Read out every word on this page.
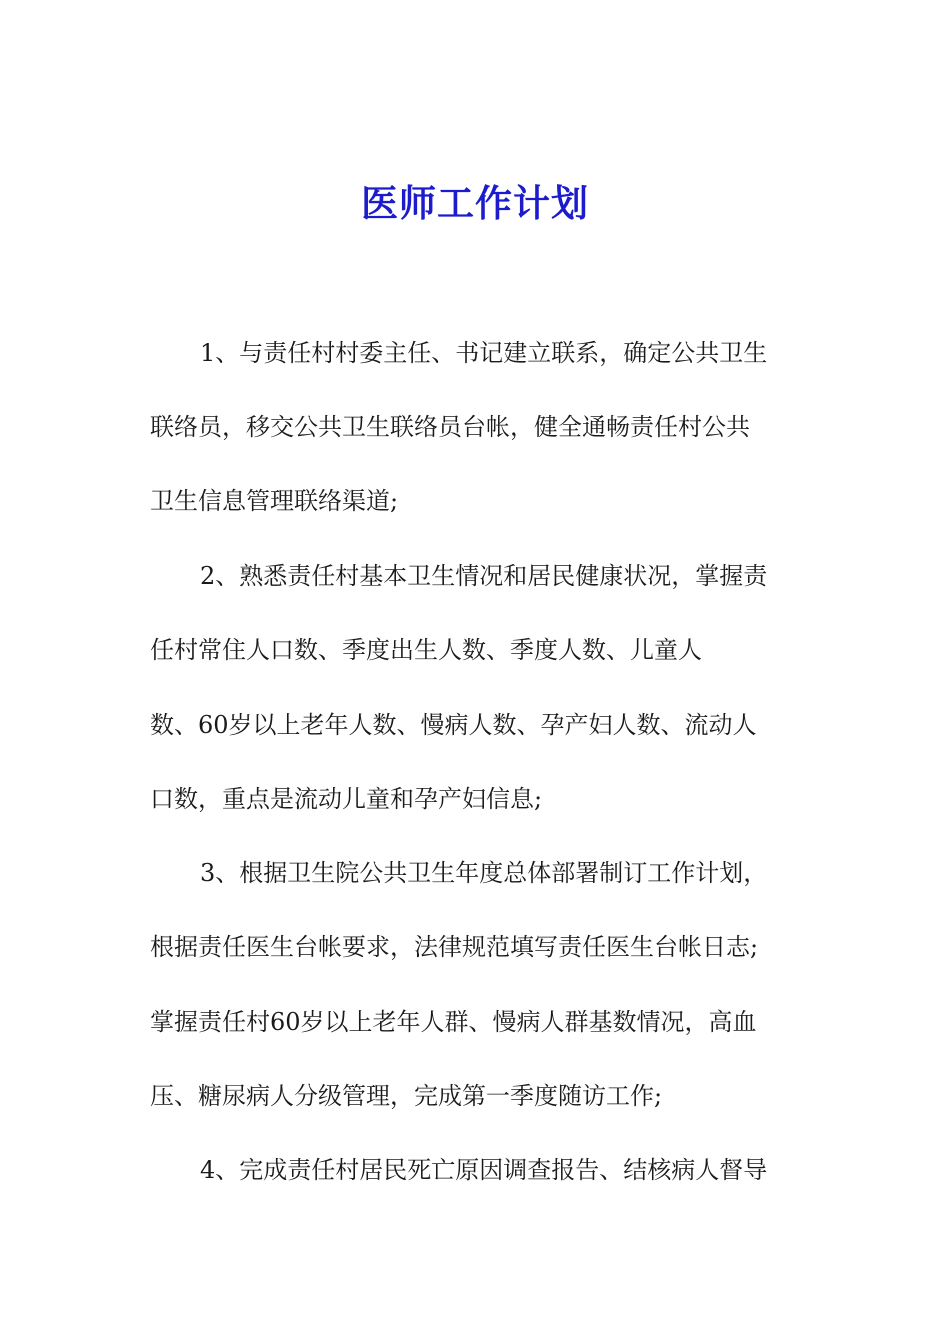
医师工作计划
1、与责任村村委主任、书记建立联系，确定公共卫生
联络员，移交公共卫生联络员台帐，健全通畅责任村公共
卫生信息管理联络渠道;
2、熟悉责任村基本卫生情况和居民健康状况，掌握责
任村常住人口数、季度出生人数、季度人数、儿童人
数、60岁以上老年人数、慢病人数、孕产妇人数、流动人
口数，重点是流动儿童和孕产妇信息;
3、根据卫生院公共卫生年度总体部署制订工作计划，
根据责任医生台帐要求，法律规范填写责任医生台帐日志;
掌握责任村60岁以上老年人群、慢病人群基数情况，高血
压、糖尿病人分级管理，完成第一季度随访工作;
4、完成责任村居民死亡原因调查报告、结核病人督导
